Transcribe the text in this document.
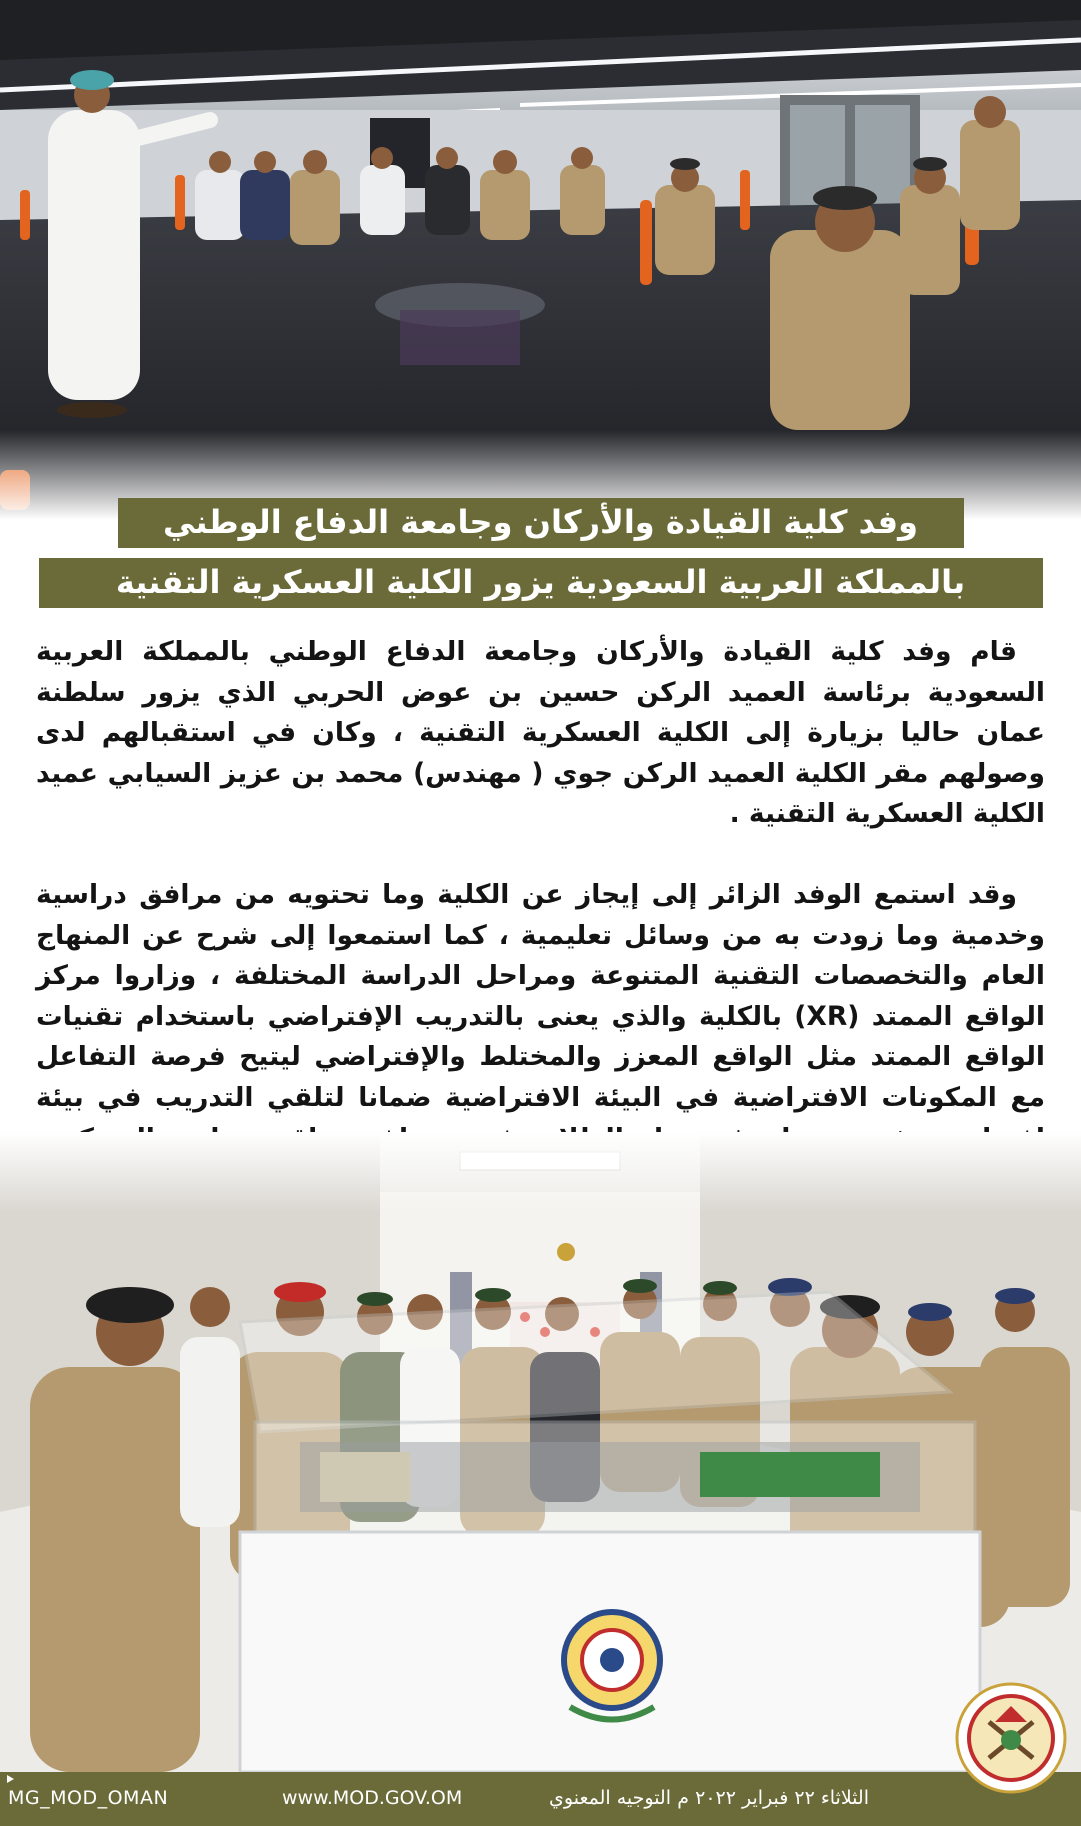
وفد كلية القيادة والأركان وجامعة الدفاع الوطني
بالمملكة العربية السعودية يزور الكلية العسكرية التقنية

قام وفد كلية القيادة والأركان وجامعة الدفاع الوطني بالمملكة العربية السعودية برئاسة العميد الركن حسين بن عوض الحربي الذي يزور سلطنة عمان حاليا بزيارة إلى الكلية العسكرية التقنية ، وكان في استقبالهم لدى وصولهم مقر الكلية العميد الركن جوي ( مهندس) محمد بن عزيز السيابي عميد الكلية العسكرية التقنية .

وقد استمع الوفد الزائر إلى إيجاز عن الكلية وما تحتويه من مرافق دراسية وخدمية وما زودت به من وسائل تعليمية ، كما استمعوا إلى شرح عن المنهاج العام والتخصصات التقنية المتنوعة ومراحل الدراسة المختلفة ، وزاروا مركز الواقع الممتد (XR) بالكلية والذي يعنى بالتدريب الإفتراضي باستخدام تقنيات الواقع الممتد مثل الواقع المعزز والمختلط والإفتراضي ليتيح فرصة التفاعل مع المكونات الافتراضية في البيئة الافتراضية ضمانا لتلقي التدريب في بيئة

الثلاثاء ٢٢ فبراير ٢٠٢٢ م
التوجيه المعنوي
www.MOD.GOV.OM
MG_MOD_OMAN
